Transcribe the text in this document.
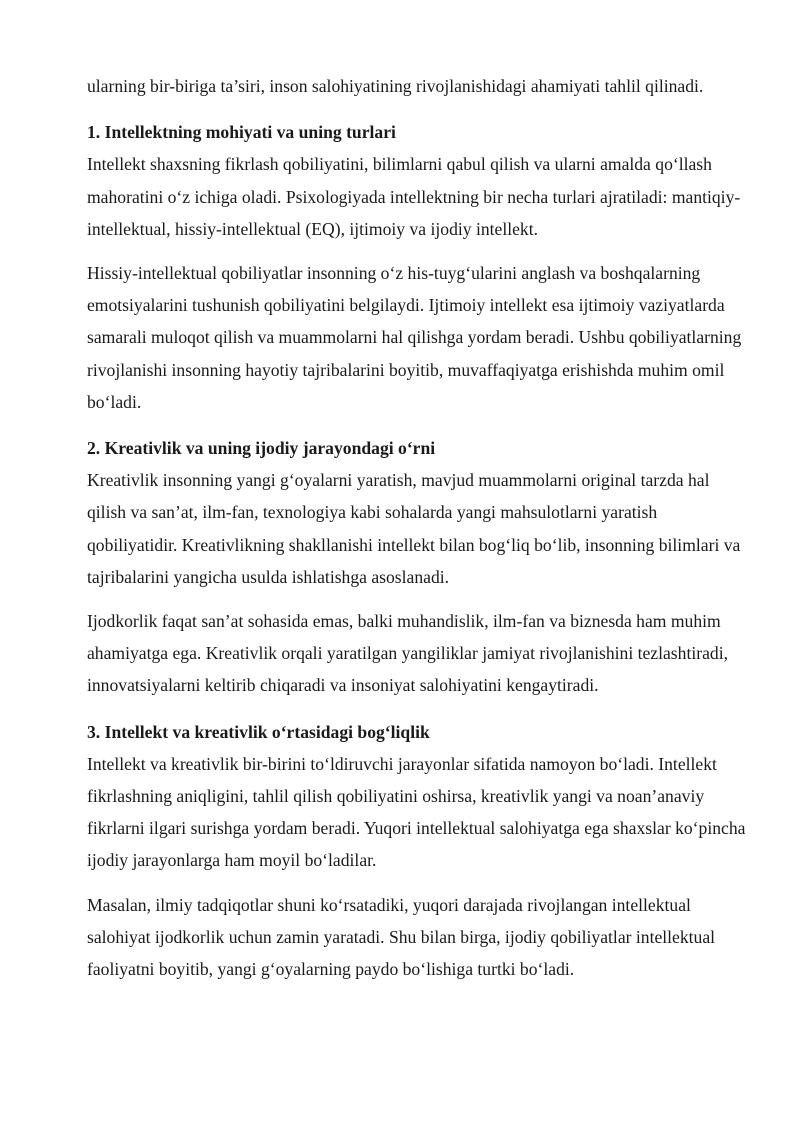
ularning bir-biriga ta’siri, inson salohiyatining rivojlanishidagi ahamiyati tahlil qilinadi.

1. Intellektning mohiyati va uning turlari

Intellekt shaxsning fikrlash qobiliyatini, bilimlarni qabul qilish va ularni amalda qo‘llash mahoratini o‘z ichiga oladi. Psixologiyada intellektning bir necha turlari ajratiladi: mantiqiy-intellektual, hissiy-intellektual (EQ), ijtimoiy va ijodiy intellekt.

Hissiy-intellektual qobiliyatlar insonning o‘z his-tuyg‘ularini anglash va boshqalarning emotsiyalarini tushunish qobiliyatini belgilaydi. Ijtimoiy intellekt esa ijtimoiy vaziyatlarda samarali muloqot qilish va muammolarni hal qilishga yordam beradi. Ushbu qobiliyatlarning rivojlanishi insonning hayotiy tajribalarini boyitib, muvaffaqiyatga erishishda muhim omil bo‘ladi.

2. Kreativlik va uning ijodiy jarayondagi o‘rni

Kreativlik insonning yangi g‘oyalarni yaratish, mavjud muammolarni original tarzda hal qilish va san’at, ilm-fan, texnologiya kabi sohalarda yangi mahsulotlarni yaratish qobiliyatidir. Kreativlikning shakllanishi intellekt bilan bog‘liq bo‘lib, insonning bilimlari va tajribalarini yangicha usulda ishlatishga asoslanadi.

Ijodkorlik faqat san’at sohasida emas, balki muhandislik, ilm-fan va biznesda ham muhim ahamiyatga ega. Kreativlik orqali yaratilgan yangiliklar jamiyat rivojlanishini tezlashtiradi, innovatsiyalarni keltirib chiqaradi va insoniyat salohiyatini kengaytiradi.

3. Intellekt va kreativlik o‘rtasidagi bog‘liqlik

Intellekt va kreativlik bir-birini to‘ldiruvchi jarayonlar sifatida namoyon bo‘ladi. Intellekt fikrlashning aniqligini, tahlil qilish qobiliyatini oshirsa, kreativlik yangi va noan’anaviy fikrlarni ilgari surishga yordam beradi. Yuqori intellektual salohiyatga ega shaxslar ko‘pincha ijodiy jarayonlarga ham moyil bo‘ladilar.

Masalan, ilmiy tadqiqotlar shuni ko‘rsatadiki, yuqori darajada rivojlangan intellektual salohiyat ijodkorlik uchun zamin yaratadi. Shu bilan birga, ijodiy qobiliyatlar intellektual faoliyatni boyitib, yangi g‘oyalarning paydo bo‘lishiga turtki bo‘ladi.
